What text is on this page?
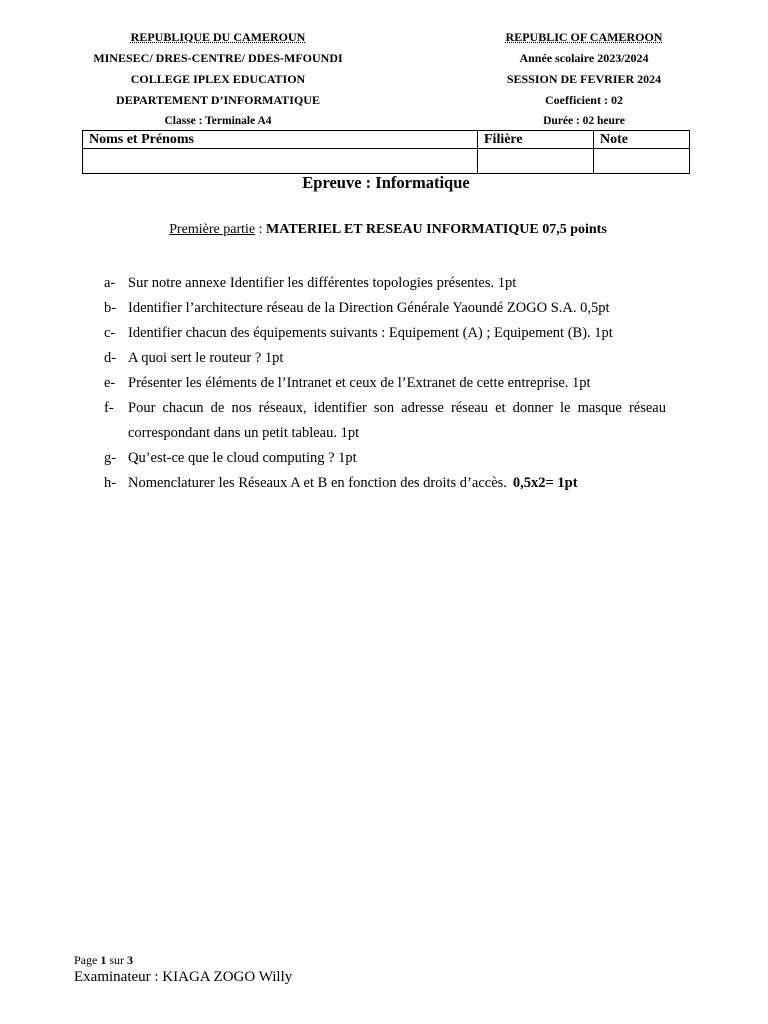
REPUBLIQUE DU CAMEROUN
MINESEC/ DRES-CENTRE/ DDES-MFOUNDI
COLLEGE IPLEX EDUCATION
DEPARTEMENT D’INFORMATIQUE
Classe : Terminale A4
REPUBLIC OF CAMEROON
Année scolaire 2023/2024
SESSION DE FEVRIER 2024
Coefficient : 02
Durée : 02 heure
Noms et Prénoms	Filière	Note

Epreuve : Informatique
Première partie : MATERIEL ET RESEAU INFORMATIQUE 07,5 points
a- Sur notre annexe Identifier les différentes topologies présentes. 1pt
b- Identifier l’architecture réseau de la Direction Générale Yaoundé ZOGO S.A. 0,5pt
c- Identifier chacun des équipements suivants : Equipement (A) ; Equipement (B). 1pt
d- A quoi sert le routeur ? 1pt
e- Présenter les éléments de l’Intranet et ceux de l’Extranet de cette entreprise. 1pt
f- Pour chacun de nos réseaux, identifier son adresse réseau et donner le masque réseau correspondant dans un petit tableau. 1pt
g- Qu’est-ce que le cloud computing ? 1pt
h- Nomenclaturer les Réseaux A et B en fonction des droits d’accès. 0,5x2= 1pt
Page 1 sur 3
Examinateur : KIAGA ZOGO Willy
